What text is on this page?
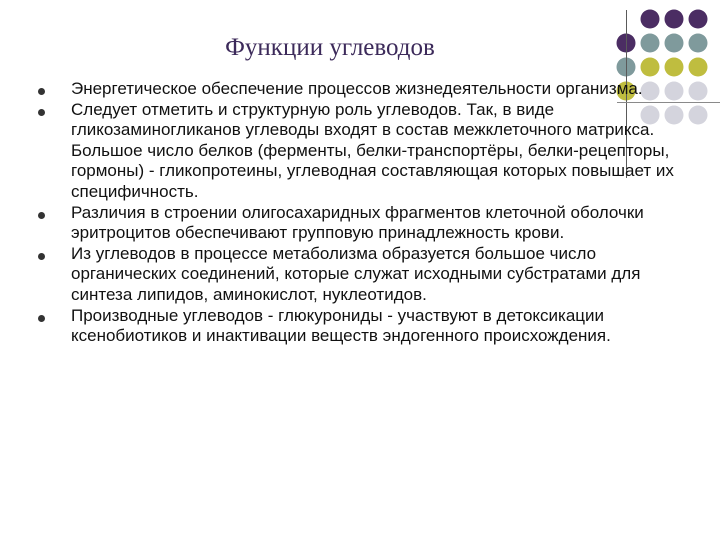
Функции углеводов
Энергетическое обеспечение процессов жизнедеятельности организма.
Следует отметить и структурную роль углеводов. Так, в виде гликозаминогликанов углеводы входят в состав межклеточного матрикса. Большое число белков (ферменты, белки-транспортёры, белки-рецепторы, гормоны) - гликопротеины, углеводная составляющая которых повышает их специфичность.
Различия в строении олигосахаридных фрагментов клеточной оболочки эритроцитов обеспечивают групповую принадлежность крови.
Из углеводов в процессе метаболизма образуется большое число органических соединений, которые служат исходными субстратами для синтеза липидов, аминокислот, нуклеотидов.
Производные углеводов - глюкурониды - участвуют в детоксикации ксенобиотиков и инактивации веществ эндогенного происхождения.
